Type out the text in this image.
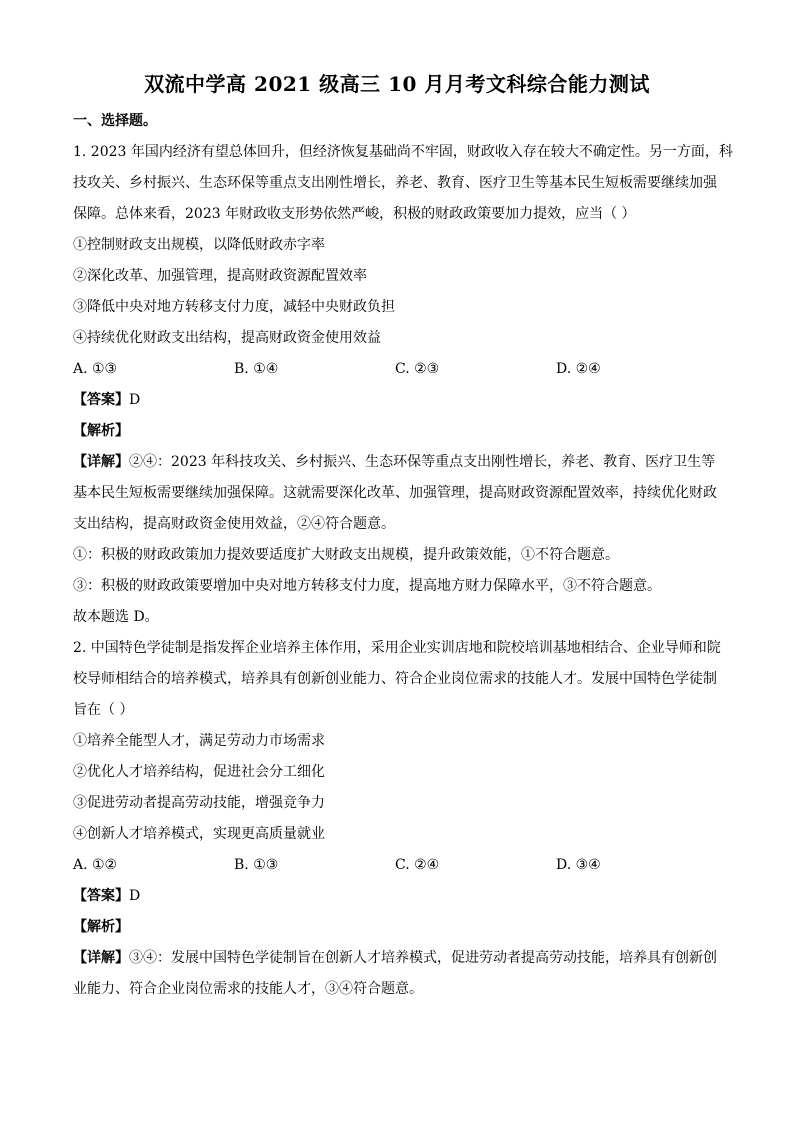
双流中学高 2021 级高三 10 月月考文科综合能力测试
一、选择题。
1. 2023 年国内经济有望总体回升，但经济恢复基础尚不牢固，财政收入存在较大不确定性。另一方面，科
技攻关、乡村振兴、生态环保等重点支出刚性增长，养老、教育、医疗卫生等基本民生短板需要继续加强
保障。总体来看，2023 年财政收支形势依然严峻，积极的财政政策要加力提效，应当（ ）
①控制财政支出规模，以降低财政赤字率
②深化改革、加强管理，提高财政资源配置效率
③降低中央对地方转移支付力度，减轻中央财政负担
④持续优化财政支出结构，提高财政资金使用效益
A. ①③	B. ①④	C. ②③	D. ②④
【答案】D
【解析】
【详解】②④：2023 年科技攻关、乡村振兴、生态环保等重点支出刚性增长，养老、教育、医疗卫生等
基本民生短板需要继续加强保障。这就需要深化改革、加强管理，提高财政资源配置效率，持续优化财政
支出结构，提高财政资金使用效益，②④符合题意。
①：积极的财政政策加力提效要适度扩大财政支出规模，提升政策效能，①不符合题意。
③：积极的财政政策要增加中央对地方转移支付力度，提高地方财力保障水平，③不符合题意。
故本题选 D。
2. 中国特色学徒制是指发挥企业培养主体作用，采用企业实训店地和院校培训基地相结合、企业导师和院
校导师相结合的培养模式，培养具有创新创业能力、符合企业岗位需求的技能人才。发展中国特色学徒制
旨在（ ）
①培养全能型人才，满足劳动力市场需求
②优化人才培养结构，促进社会分工细化
③促进劳动者提高劳动技能，增强竞争力
④创新人才培养模式，实现更高质量就业
A. ①②	B. ①③	C. ②④	D. ③④
【答案】D
【解析】
【详解】③④：发展中国特色学徒制旨在创新人才培养模式，促进劳动者提高劳动技能，培养具有创新创
业能力、符合企业岗位需求的技能人才，③④符合题意。
